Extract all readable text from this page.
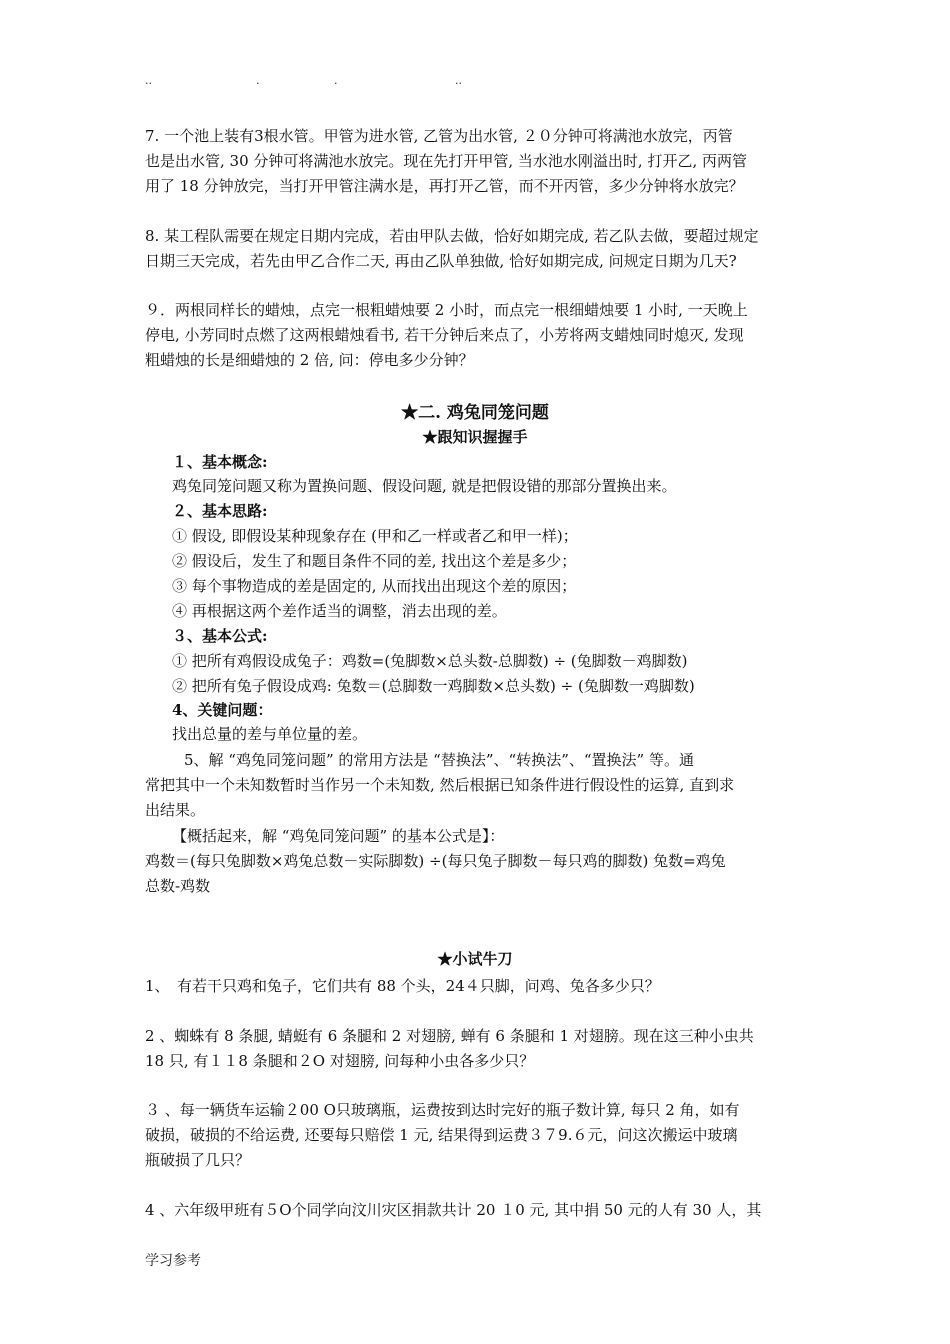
..	.	.	..
7. 一个池上装有3根水管。甲管为进水管, 乙管为出水管, ２０分钟可将满池水放完，丙管
也是出水管, 30 分钟可将满池水放完。现在先打开甲管, 当水池水刚溢出时, 打开乙, 丙两管
用了 18 分钟放完，当打开甲管注满水是，再打开乙管，而不开丙管，多少分钟将水放完？
8. 某工程队需要在规定日期内完成，若由甲队去做，恰好如期完成, 若乙队去做，要超过规定
日期三天完成，若先由甲乙合作二天, 再由乙队单独做, 恰好如期完成, 问规定日期为几天?
９．两根同样长的蜡烛，点完一根粗蜡烛要 2 小时，而点完一根细蜡烛要 1 小时, 一天晚上
停电, 小芳同时点燃了这两根蜡烛看书, 若干分钟后来点了，小芳将两支蜡烛同时熄灭, 发现
粗蜡烛的长是细蜡烛的 2 倍, 问：停电多少分钟？
★二. 鸡兔同笼问题
★跟知识握握手
１、基本概念:
鸡兔同笼问题又称为置换问题、假设问题, 就是把假设错的那部分置换出来。
２、基本思路:
① 假设, 即假设某种现象存在 (甲和乙一样或者乙和甲一样)；
② 假设后，发生了和题目条件不同的差, 找出这个差是多少；
③ 每个事物造成的差是固定的, 从而找出出现这个差的原因；
④ 再根据这两个差作适当的调整，消去出现的差。
３、基本公式:
① 把所有鸡假设成兔子：鸡数=(兔脚数×总头数-总脚数) ÷ (兔脚数－鸡脚数)
② 把所有兔子假设成鸡: 兔数＝(总脚数一鸡脚数×总头数) ÷ (兔脚数一鸡脚数)
4、关键问题：
找出总量的差与单位量的差。
5、解 “鸡兔同笼问题” 的常用方法是 “替换法”、“转换法”、“置换法” 等。通
常把其中一个未知数暂时当作另一个未知数, 然后根据已知条件进行假设性的运算, 直到求
出结果。
【概括起来，解 “鸡兔同笼问题” 的基本公式是】：
鸡数＝(每只兔脚数×鸡兔总数－实际脚数) ÷(每只兔子脚数－每只鸡的脚数) 兔数=鸡兔
总数-鸡数
★小试牛刀
1、　有若干只鸡和兔子，它们共有 88 个头，24４只脚，问鸡、兔各多少只？
2 、蜘蛛有 8 条腿, 蜻蜓有 6 条腿和 2 对翅膀, 蝉有 6 条腿和 1 对翅膀。现在这三种小虫共
18 只, 有１１8 条腿和２O 对翅膀, 问每种小虫各多少只？
３ 、每一辆货车运输２00 O只玻璃瓶，运费按到达时完好的瓶子数计算, 每只 2 角，如有
破损，破损的不给运费, 还要每只赔偿 1 元, 结果得到运费３７9.６元，问这次搬运中玻璃
瓶破损了几只？
4 、六年级甲班有５O个同学向汶川灾区捐款共计 20 １0 元, 其中捐 50 元的人有 30 人，其
学习参考
